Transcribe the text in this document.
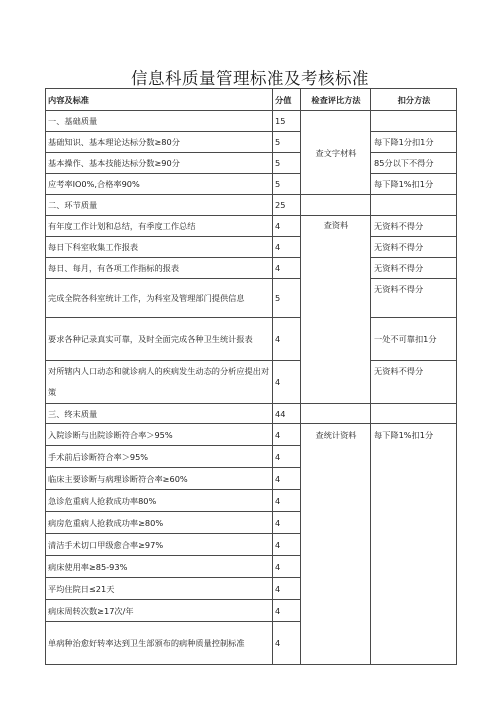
信息科质量管理标准及考核标准
内容及标准	分值	检查评比方法	扣分方法
一、基础质量	15	查文字材料	
基础知识、基本理论达标分数≥80分	5		每下降1分扣1分
基本操作、基本技能达标分数≥90分	5		85分以下不得分
应考率IO0%,合格率90%	5		每下降1%扣1分
二、环节质量	25		
有年度工作计划和总结，有季度工作总结	4	查资料	无资料不得分
每日下科室收集工作报表	4		无资料不得分
每日、每月，有各项工作指标的报表	4		无资料不得分
完成全院各科室统计工作，为科室及管理部门提供信息	5		无资料不得分
要求各种记录真实可靠，及时全面完成各种卫生统计报表	4		一处不可靠扣1分
对所辖内人口动态和就诊病人的疾病发生动态的分析应提出对策	4		无资料不得分
三、终末质量	44		
入院诊断与出院诊断符合率＞95%	4	查统计资料	每下降1%扣1分
手术前后诊断符合率＞95%	4		
临床主要诊断与病理诊断符合率≥60%	4		
急诊危重病人抢救成功率80%	4		
病房危重病人抢救成功率≥80%	4		
清洁手术切口甲级愈合率≥97%	4		
病床使用率≥85-93%	4		
平均住院日≤21天	4		
病床周转次数≥17次/年	4		
单病种治愈好转率达到卫生部颁布的病种质量控制标准	4		
